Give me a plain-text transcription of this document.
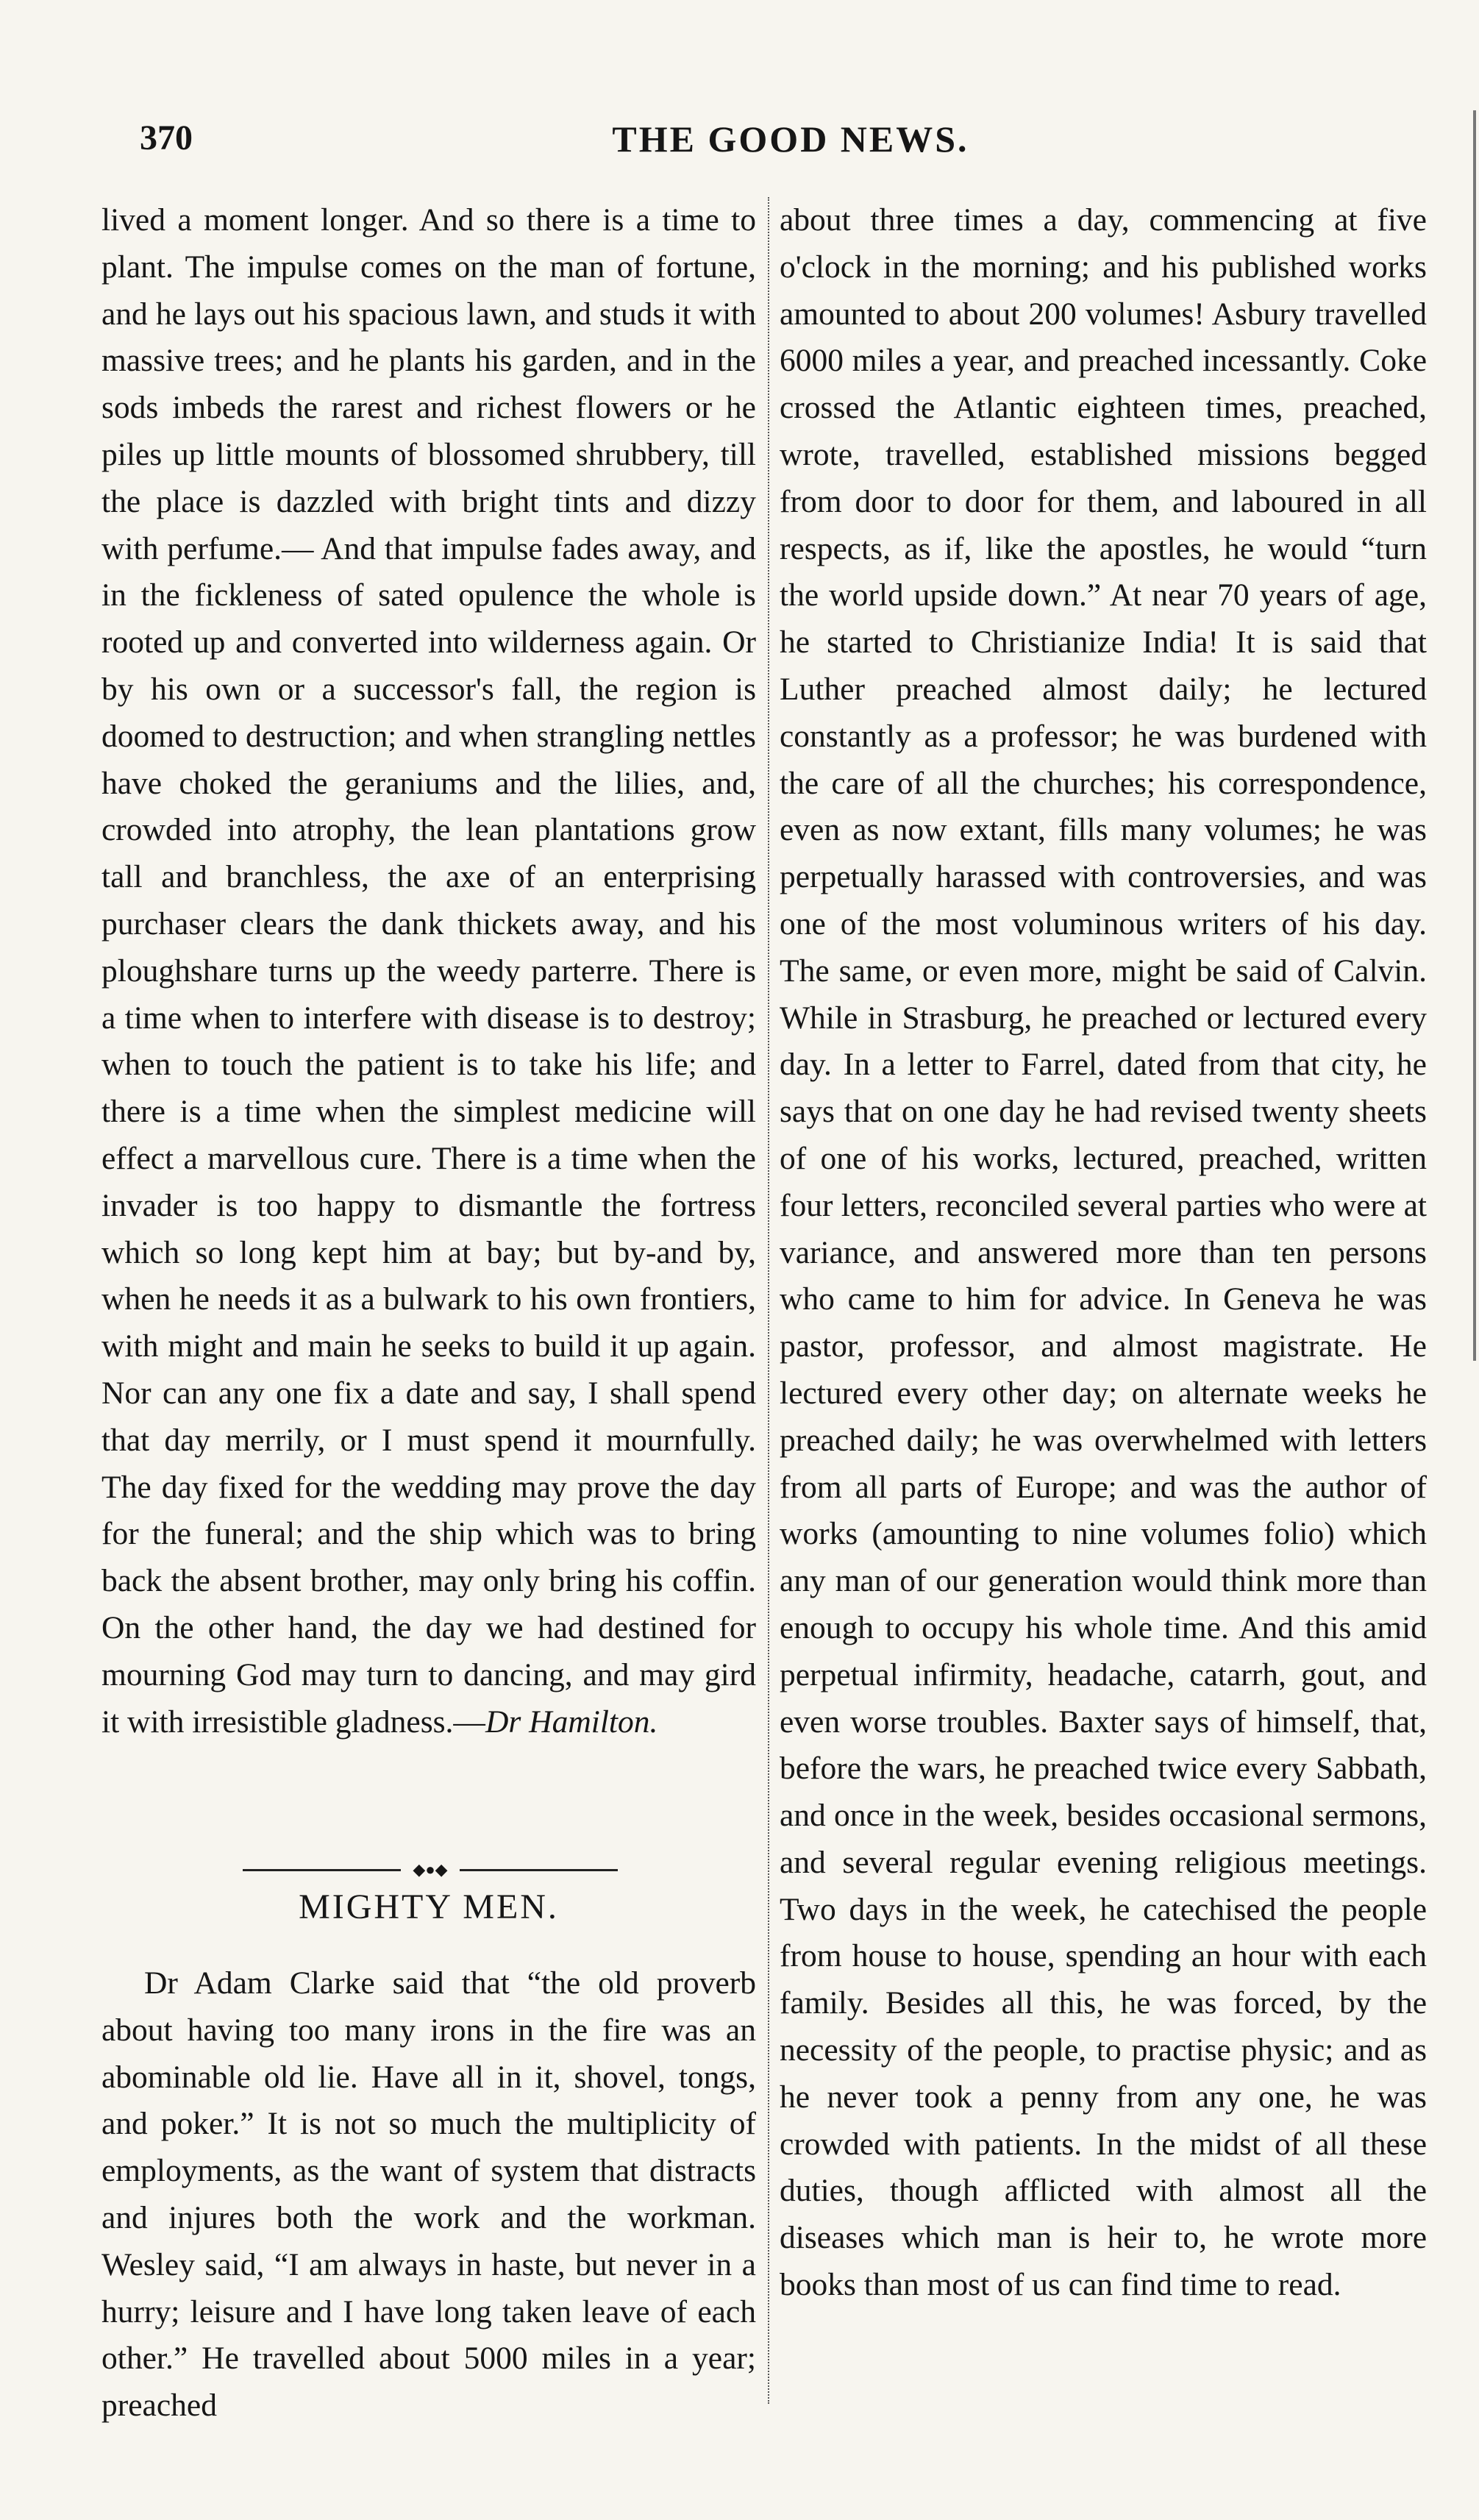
370	THE GOOD NEWS.

lived a moment longer. And so there is a time to plant. The impulse comes on the man of fortune, and he lays out his spacious lawn, and studs it with massive trees; and he plants his garden, and in the sods imbeds the rarest and richest flowers or he piles up little mounts of blossomed shrubbery, till the place is dazzled with bright tints and dizzy with perfume.— And that impulse fades away, and in the fickleness of sated opulence the whole is rooted up and converted into wilderness again. Or by his own or a successor's fall, the region is doomed to destruction; and when strangling nettles have choked the geraniums and the lilies, and, crowded into atrophy, the lean plantations grow tall and branchless, the axe of an enterprising purchaser clears the dank thickets away, and his ploughshare turns up the weedy parterre. There is a time when to interfere with disease is to destroy; when to touch the patient is to take his life; and there is a time when the simplest medicine will effect a marvellous cure. There is a time when the invader is too happy to dismantle the fortress which so long kept him at bay; but by-and by, when he needs it as a bulwark to his own frontiers, with might and main he seeks to build it up again. Nor can any one fix a date and say, I shall spend that day merrily, or I must spend it mournfully. The day fixed for the wedding may prove the day for the funeral; and the ship which was to bring back the absent brother, may only bring his coffin. On the other hand, the day we had destined for mourning God may turn to dancing, and may gird it with irresistible gladness.—Dr Hamilton.

◆●◆
MIGHTY MEN.

Dr Adam Clarke said that “the old proverb about having too many irons in the fire was an abominable old lie. Have all in it, shovel, tongs, and poker.” It is not so much the multiplicity of employments, as the want of system that distracts and injures both the work and the workman. Wesley said, “I am always in haste, but never in a hurry; leisure and I have long taken leave of each other.” He travelled about 5000 miles in a year; preached

about three times a day, commencing at five o'clock in the morning; and his published works amounted to about 200 volumes! Asbury travelled 6000 miles a year, and preached incessantly. Coke crossed the Atlantic eighteen times, preached, wrote, travelled, established missions begged from door to door for them, and laboured in all respects, as if, like the apostles, he would “turn the world upside down.” At near 70 years of age, he started to Christianize India! It is said that Luther preached almost daily; he lectured constantly as a professor; he was burdened with the care of all the churches; his correspondence, even as now extant, fills many volumes; he was perpetually harassed with controversies, and was one of the most voluminous writers of his day. The same, or even more, might be said of Calvin. While in Strasburg, he preached or lectured every day. In a letter to Farrel, dated from that city, he says that on one day he had revised twenty sheets of one of his works, lectured, preached, written four letters, reconciled several parties who were at variance, and answered more than ten persons who came to him for advice. In Geneva he was pastor, professor, and almost magistrate. He lectured every other day; on alternate weeks he preached daily; he was overwhelmed with letters from all parts of Europe; and was the author of works (amounting to nine volumes folio) which any man of our generation would think more than enough to occupy his whole time. And this amid perpetual infirmity, headache, catarrh, gout, and even worse troubles. Baxter says of himself, that, before the wars, he preached twice every Sabbath, and once in the week, besides occasional sermons, and several regular evening religious meetings. Two days in the week, he catechised the people from house to house, spending an hour with each family. Besides all this, he was forced, by the necessity of the people, to practise physic; and as he never took a penny from any one, he was crowded with patients. In the midst of all these duties, though afflicted with almost all the diseases which man is heir to, he wrote more books than most of us can find time to read.
